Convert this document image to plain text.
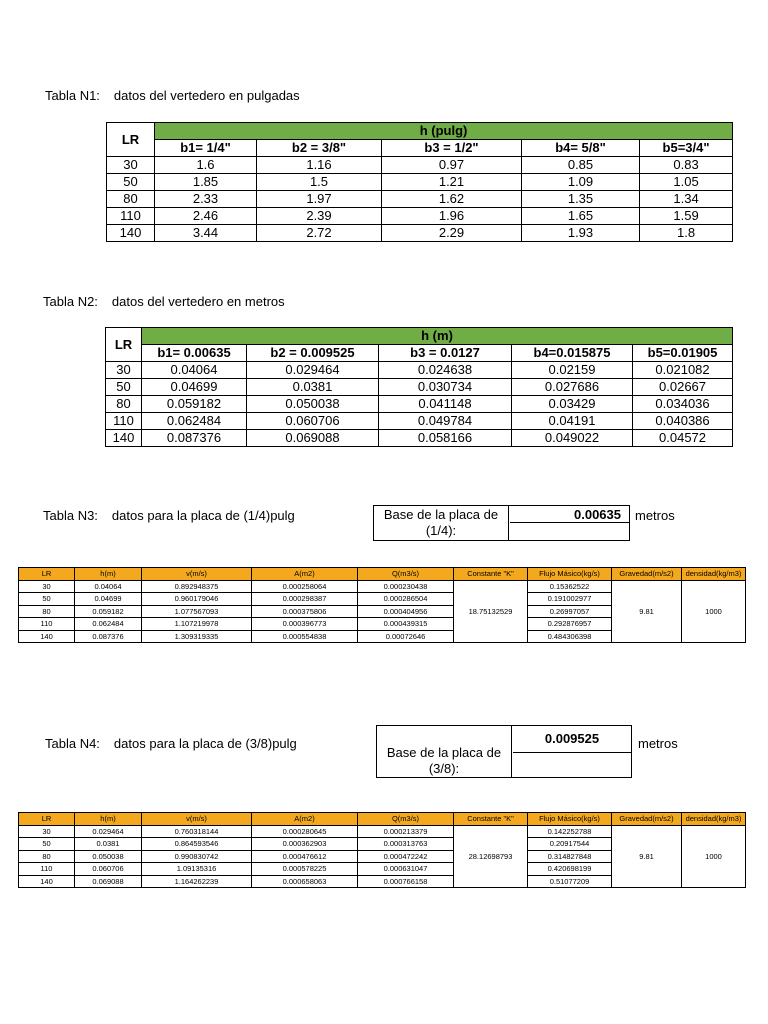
Tabla N1: datos del vertedero en pulgadas
LR	h (pulg)				
	b1= 1/4"	b2 = 3/8"	b3 = 1/2"	b4= 5/8"	b5=3/4"
30	1.6	1.16	0.97	0.85	0.83
50	1.85	1.5	1.21	1.09	1.05
80	2.33	1.97	1.62	1.35	1.34
110	2.46	2.39	1.96	1.65	1.59
140	3.44	2.72	2.29	1.93	1.8
Tabla N2: datos del vertedero en metros
LR	h (m)				
	b1= 0.00635	b2 = 0.009525	b3 = 0.0127	b4=0.015875	b5=0.01905
30	0.04064	0.029464	0.024638	0.02159	0.021082
50	0.04699	0.0381	0.030734	0.027686	0.02667
80	0.059182	0.050038	0.041148	0.03429	0.034036
110	0.062484	0.060706	0.049784	0.04191	0.040386
140	0.087376	0.069088	0.058166	0.049022	0.04572
Tabla N3: datos para la placa de (1/4)pulg	Base de la placa de (1/4):
0.00635	metros
LR	h(m)	v(m/s)	A(m2)	Q(m3/s)	Constante "K"	Flujo Másico(kg/s)	Gravedad(m/s2)	densidad(kg/m3)
30	0.04064	0.892948375	0.000258064	0.000230438	18.75132529	0.15362522	9.81	1000
50	0.04699	0.960179046	0.000298387	0.000286504		0.191002977		
80	0.059182	1.077567093	0.000375806	0.000404956		0.26997057		
110	0.062484	1.107219978	0.000396773	0.000439315		0.292876957		
140	0.087376	1.309319335	0.000554838	0.00072646		0.484306398		
Tabla N4: datos para la placa de (3/8)pulg
Base de la placa de (3/8):
0.009525	metros
LR	h(m)	v(m/s)	A(m2)	Q(m3/s)	Constante "K"	Flujo Másico(kg/s)	Gravedad(m/s2)	densidad(kg/m3)
30	0.029464	0.760318144	0.000280645	0.000213379	28.12698793	0.142252788	9.81	1000
50	0.0381	0.864593546	0.000362903	0.000313763		0.20917544		
80	0.050038	0.990830742	0.000476612	0.000472242		0.314827848		
110	0.060706	1.09135316	0.000578225	0.000631047		0.420698199		
140	0.069088	1.164262239	0.000658063	0.000766158		0.51077209		
